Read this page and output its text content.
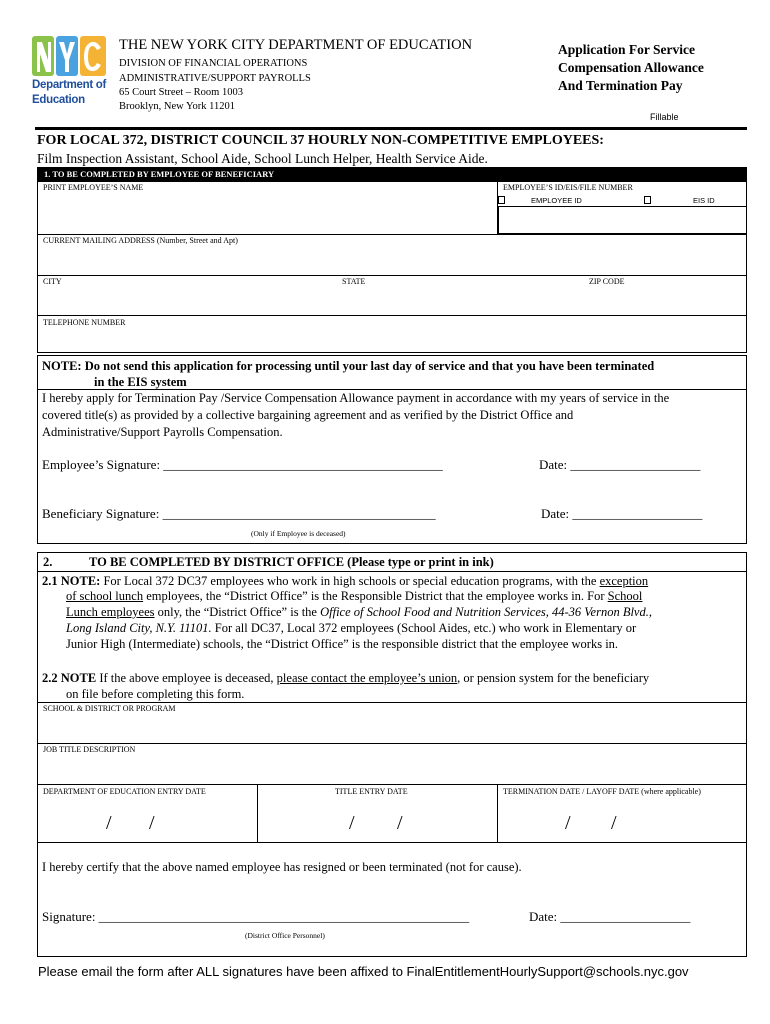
Department of
Education
THE NEW YORK CITY DEPARTMENT OF EDUCATION
DIVISION OF FINANCIAL OPERATIONS
ADMINISTRATIVE/SUPPORT PAYROLLS
65 Court Street – Room 1003
Brooklyn, New York 11201
Application For Service
Compensation Allowance
And Termination Pay
Fillable
FOR LOCAL 372, DISTRICT COUNCIL 37 HOURLY NON-COMPETITIVE EMPLOYEES:
Film Inspection Assistant, School Aide, School Lunch Helper, Health Service Aide.
1. TO BE COMPLETED BY EMPLOYEE OF BENEFICIARY
PRINT EMPLOYEE’S NAME	EMPLOYEE’S ID/EIS/FILE NUMBER
EMPLOYEE ID	EIS ID
CURRENT MAILING ADDRESS (Number, Street and Apt)
CITY	STATE	ZIP CODE
TELEPHONE NUMBER
NOTE: Do not send this application for processing until your last day of service and that you have been terminated
in the EIS system
I hereby apply for Termination Pay /Service Compensation Allowance payment in accordance with my years of service in the
covered title(s) as provided by a collective bargaining agreement and as verified by the District Office and
Administrative/Support Payrolls Compensation.
Employee’s Signature: ___________________________________________	Date: ____________________
Beneficiary Signature: __________________________________________	Date: ____________________
(Only if Employee is deceased)
2.	TO BE COMPLETED BY DISTRICT OFFICE (Please type or print in ink)
2.1 NOTE: For Local 372 DC37 employees who work in high schools or special education programs, with the exception
of school lunch employees, the “District Office” is the Responsible District that the employee works in. For School
Lunch employees only, the “District Office” is the Office of School Food and Nutrition Services, 44-36 Vernon Blvd.,
Long Island City, N.Y. 11101. For all DC37, Local 372 employees (School Aides, etc.) who work in Elementary or
Junior High (Intermediate) schools, the “District Office” is the responsible district that the employee works in.
2.2 NOTE If the above employee is deceased, please contact the employee’s union, or pension system for the beneficiary
on file before completing this form.
SCHOOL & DISTRICT OR PROGRAM
JOB TITLE DESCRIPTION
DEPARTMENT OF EDUCATION ENTRY DATE	TITLE ENTRY DATE	TERMINATION DATE / LAYOFF DATE (where applicable)
/ /	/ /	/ /
I hereby certify that the above named employee has resigned or been terminated (not for cause).
Signature: _________________________________________________________	Date: ____________________
(District Office Personnel)
Please email the form after ALL signatures have been affixed to FinalEntitlementHourlySupport@schools.nyc.gov
